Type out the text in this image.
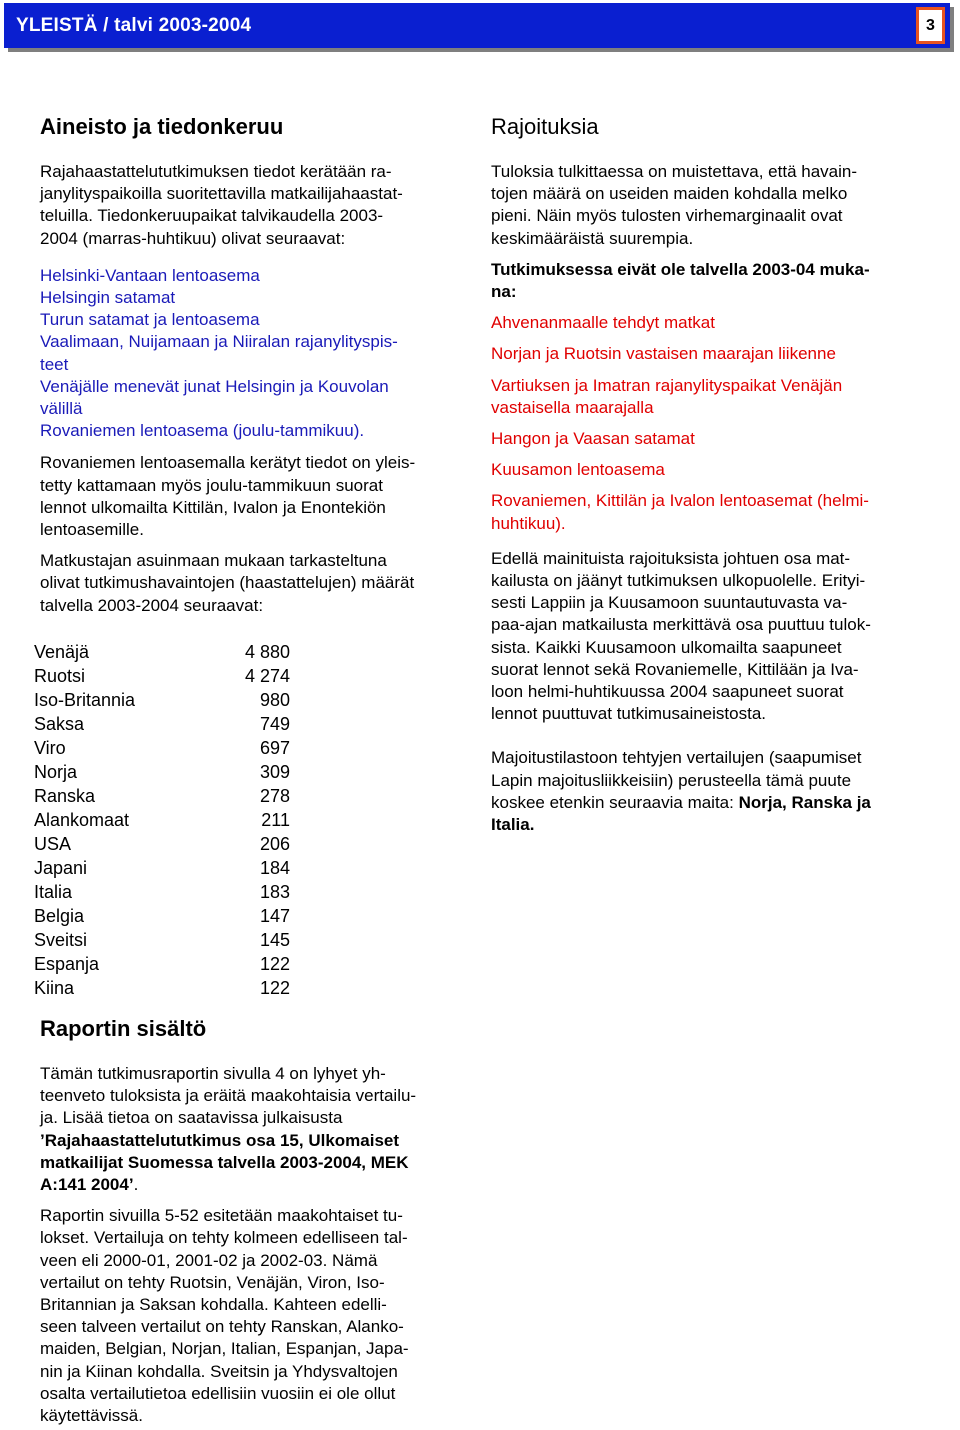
YLEISTÄ / talvi 2003-2004	3
Aineisto ja tiedonkeruu

Rajahaastattelututkimuksen tiedot kerätään ra-
janylityspaikoilla suoritettavilla matkailijahaastat-
teluilla. Tiedonkeruupaikat talvikaudella 2003-
2004 (marras-huhtikuu) olivat seuraavat:

Helsinki-Vantaan lentoasema
Helsingin satamat
Turun satamat ja lentoasema
Vaalimaan, Nuijamaan ja Niiralan rajanylityspis-
teet
Venäjälle menevät junat Helsingin ja Kouvolan
välillä
Rovaniemen lentoasema (joulu-tammikuu).

Rovaniemen lentoasemalla kerätyt tiedot on yleis-
tetty kattamaan myös joulu-tammikuun suorat
lennot ulkomailta Kittilän, Ivalon ja Enontekiön
lentoasemille.

Matkustajan asuinmaan mukaan tarkasteltuna
olivat tutkimushavaintojen (haastattelujen) määrät
talvella 2003-2004 seuraavat:

Venäjä	4 880
Ruotsi	4 274
Iso-Britannia	980
Saksa	749
Viro	697
Norja	309
Ranska	278
Alankomaat	211
USA	206
Japani	184
Italia	183
Belgia	147
Sveitsi	145
Espanja	122
Kiina	122
Raportin sisältö

Tämän tutkimusraportin sivulla 4 on lyhyet yh-
teenveto tuloksista ja eräitä maakohtaisia vertailu-
ja. Lisää tietoa on saatavissa julkaisusta ’Rajahaastattelututkimus osa 15, Ulkomaiset
matkailijat Suomessa talvella 2003-2004, MEK
A:141 2004’.

Raportin sivuilla 5-52 esitetään maakohtaiset tu-
lokset. Vertailuja on tehty kolmeen edelliseen tal-
veen eli 2000-01, 2001-02 ja 2002-03. Nämä
vertailut on tehty Ruotsin, Venäjän, Viron, Iso-
Britannian ja Saksan kohdalla. Kahteen edelli-
seen talveen vertailut on tehty Ranskan, Alanko-
maiden, Belgian, Norjan, Italian, Espanjan, Japa-
nin ja Kiinan kohdalla. Sveitsin ja Yhdysvaltojen
osalta vertailutietoa edellisiin vuosiin ei ole ollut
käytettävissä.

Rajoituksia

Tuloksia tulkittaessa on muistettava, että havain-
tojen määrä on useiden maiden kohdalla melko
pieni. Näin myös tulosten virhemarginaalit ovat
keskimääräistä suurempia.

Tutkimuksessa eivät ole talvella 2003-04 muka-
na:

Ahvenanmaalle tehdyt matkat
Norjan ja Ruotsin vastaisen maarajan liikenne
Vartiuksen ja Imatran rajanylityspaikat Venäjän
vastaisella maarajalla
Hangon ja Vaasan satamat
Kuusamon lentoasema
Rovaniemen, Kittilän ja Ivalon lentoasemat (helmi-
huhtikuu).

Edellä mainituista rajoituksista johtuen osa mat-
kailusta on jäänyt tutkimuksen ulkopuolelle. Erityi-
sesti Lappiin ja Kuusamoon suuntautuvasta va-
paa-ajan matkailusta merkittävä osa puuttuu tulok-
sista. Kaikki Kuusamoon ulkomailta saapuneet
suorat lennot sekä Rovaniemelle, Kittilään ja Iva-
loon helmi-huhtikuussa 2004 saapuneet suorat
lennot puuttuvat tutkimusaineistosta.

Majoitustilastoon tehtyjen vertailujen (saapumiset
Lapin majoitusliikkeisiin) perusteella tämä puute
koskee etenkin seuraavia maita: Norja, Ranska ja
Italia.
